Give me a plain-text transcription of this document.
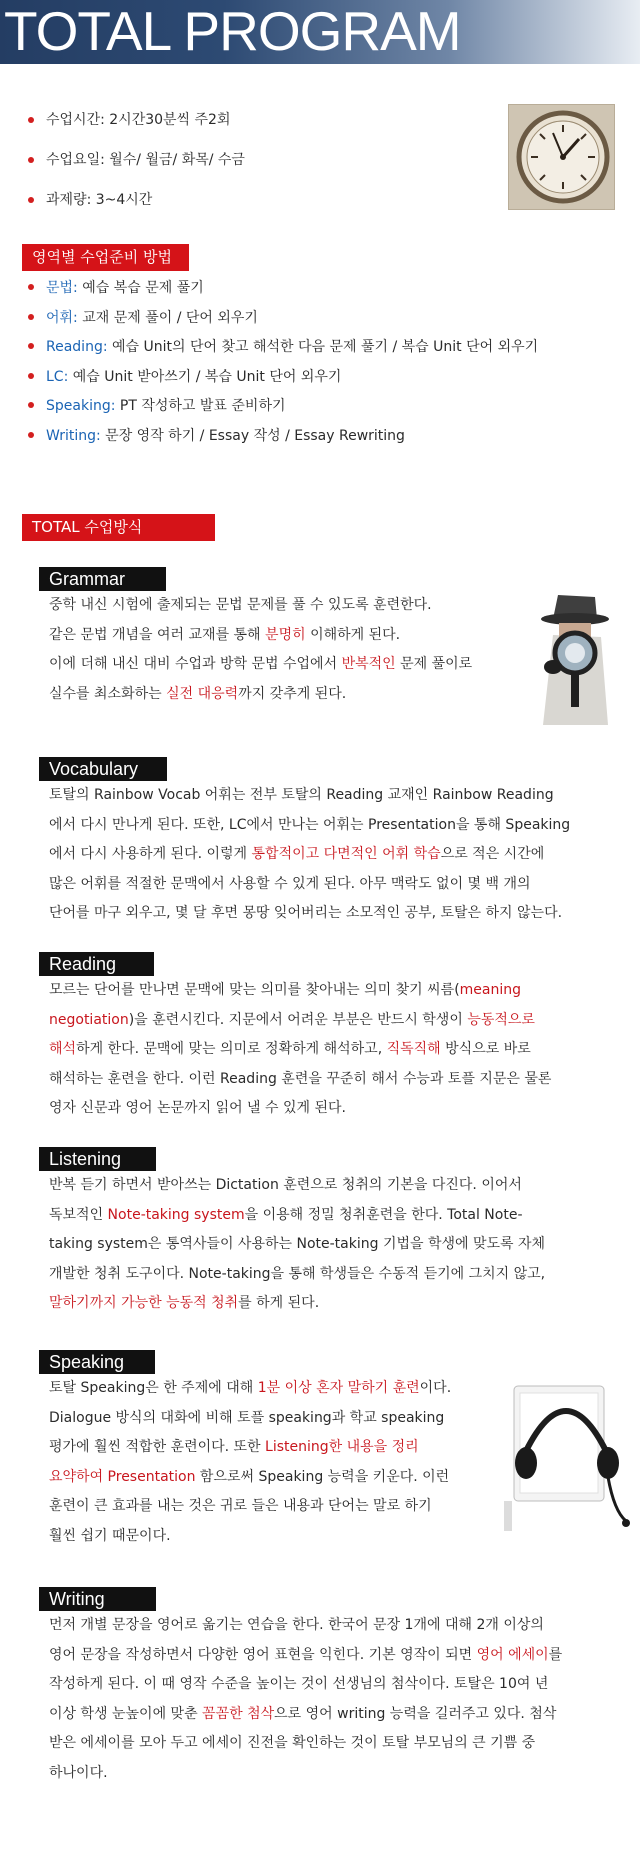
TOTAL PROGRAM
수업시간: 2시간30분씩 주2회
수업요일: 월수/ 월금/ 화목/ 수금
과제량: 3~4시간
영역별 수업준비 방법
문법: 예습 복습 문제 풀기
어휘: 교재 문제 풀이 / 단어 외우기
Reading: 예습 Unit의 단어 찾고 해석한 다음 문제 풀기 / 복습 Unit 단어 외우기
LC: 예습 Unit 받아쓰기 / 복습 Unit 단어 외우기
Speaking: PT 작성하고 발표 준비하기
Writing: 문장 영작 하기 / Essay 작성 / Essay Rewriting
TOTAL 수업방식
Grammar
중학 내신 시험에 출제되는 문법 문제를 풀 수 있도록 훈련한다.
같은 문법 개념을 여러 교재를 통해 분명히 이해하게 된다.
이에 더해 내신 대비 수업과 방학 문법 수업에서 반복적인 문제 풀이로
실수를 최소화하는 실전 대응력까지 갖추게 된다.
Vocabulary
토탈의 Rainbow Vocab 어휘는 전부 토탈의 Reading 교재인 Rainbow Reading
에서 다시 만나게 된다. 또한, LC에서 만나는 어휘는 Presentation을 통해 Speaking
에서 다시 사용하게 된다. 이렇게 통합적이고 다면적인 어휘 학습으로 적은 시간에
많은 어휘를 적절한 문맥에서 사용할 수 있게 된다. 아무 맥락도 없이 몇 백 개의
단어를 마구 외우고, 몇 달 후면 몽땅 잊어버리는 소모적인 공부, 토탈은 하지 않는다.
Reading
모르는 단어를 만나면 문맥에 맞는 의미를 찾아내는 의미 찾기 씨름(meaning
negotiation)을 훈련시킨다. 지문에서 어려운 부분은 반드시 학생이 능동적으로
해석하게 한다. 문맥에 맞는 의미로 정확하게 해석하고, 직독직해 방식으로 바로
해석하는 훈련을 한다. 이런 Reading 훈련을 꾸준히 해서 수능과 토플 지문은 물론
영자 신문과 영어 논문까지 읽어 낼 수 있게 된다.
Listening
반복 듣기 하면서 받아쓰는 Dictation 훈련으로 청취의 기본을 다진다. 이어서
독보적인 Note-taking system을 이용해 정밀 청취훈련을 한다. Total Note-
taking system은 통역사들이 사용하는 Note-taking 기법을 학생에 맞도록 자체
개발한 청취 도구이다. Note-taking을 통해 학생들은 수동적 듣기에 그치지 않고,
말하기까지 가능한 능동적 청취를 하게 된다.
Speaking
토탈 Speaking은 한 주제에 대해 1분 이상 혼자 말하기 훈련이다.
Dialogue 방식의 대화에 비해 토플 speaking과 학교 speaking
평가에 훨씬 적합한 훈련이다. 또한 Listening한 내용을 정리
요약하여 Presentation 함으로써 Speaking 능력을 키운다. 이런
훈련이 큰 효과를 내는 것은 귀로 들은 내용과 단어는 말로 하기
훨씬 쉽기 때문이다.
Writing
먼저 개별 문장을 영어로 옮기는 연습을 한다. 한국어 문장 1개에 대해 2개 이상의
영어 문장을 작성하면서 다양한 영어 표현을 익힌다. 기본 영작이 되면 영어 에세이를
작성하게 된다. 이 때 영작 수준을 높이는 것이 선생님의 첨삭이다. 토탈은 10여 년
이상 학생 눈높이에 맞춘 꼼꼼한 첨삭으로 영어 writing 능력을 길러주고 있다. 첨삭
받은 에세이를 모아 두고 에세이 진전을 확인하는 것이 토탈 부모님의 큰 기쁨 중
하나이다.
